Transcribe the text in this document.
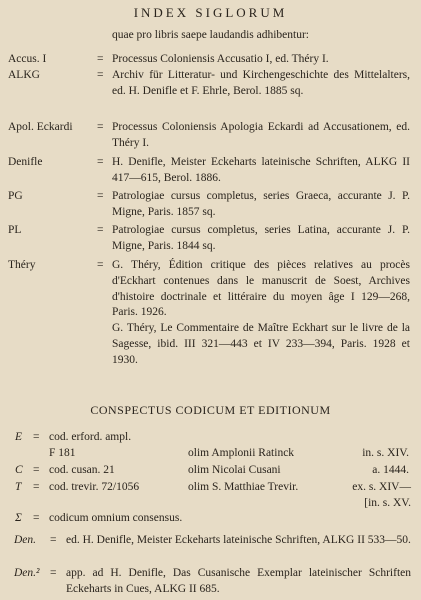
INDEX SIGLORUM
quae pro libris saepe laudandis adhibentur:
Accus. I	= Processus Coloniensis Accusatio I, ed. Théry I.

ALKG	= Archiv für Litteratur- und Kirchengeschichte des Mittelalters, ed. H. Denifle et F. Ehrle, Berol. 1885 sq.

Apol. Eckardi = Processus Coloniensis Apologia Eckardi ad Accusationem, ed. Théry I.

Denifle	= H. Denifle, Meister Eckeharts lateinische Schriften, ALKG II 417—615, Berol. 1886.

PG	= Patrologiae cursus completus, series Graeca, accurante J. P. Migne, Paris. 1857 sq.

PL	= Patrologiae cursus completus, series Latina, accurante J. P. Migne, Paris. 1844 sq.

Théry	= G. Théry, Édition critique des pièces relatives au procès d'Eckhart contenues dans le manuscrit de Soest, Archives d'histoire doctrinale et littéraire du moyen âge I 129—268, Paris. 1926.

G. Théry, Le Commentaire de Maître Eckhart sur le livre de la Sagesse, ibid. III 321—443 et IV 233—394, Paris. 1928 et 1930.

CONSPECTUS CODICUM ET EDITIONUM
E = cod. erford. ampl.
F 181	olim Amplonii Ratinck	in. s. XIV.
C = cod. cusan. 21	olim Nicolai Cusani	a. 1444.
T = cod. trevir. 72/1056	olim S. Matthiae Trevir.	ex. s. XIV—
[in. s. XV.
Σ = codicum omnium consensus.
Den. = ed. H. Denifle, Meister Eckeharts lateinische Schriften, ALKG II 533—50.
Den.² = app. ad H. Denifle, Das Cusanische Exemplar lateinischer Schriften Eckeharts in Cues, ALKG II 685.
